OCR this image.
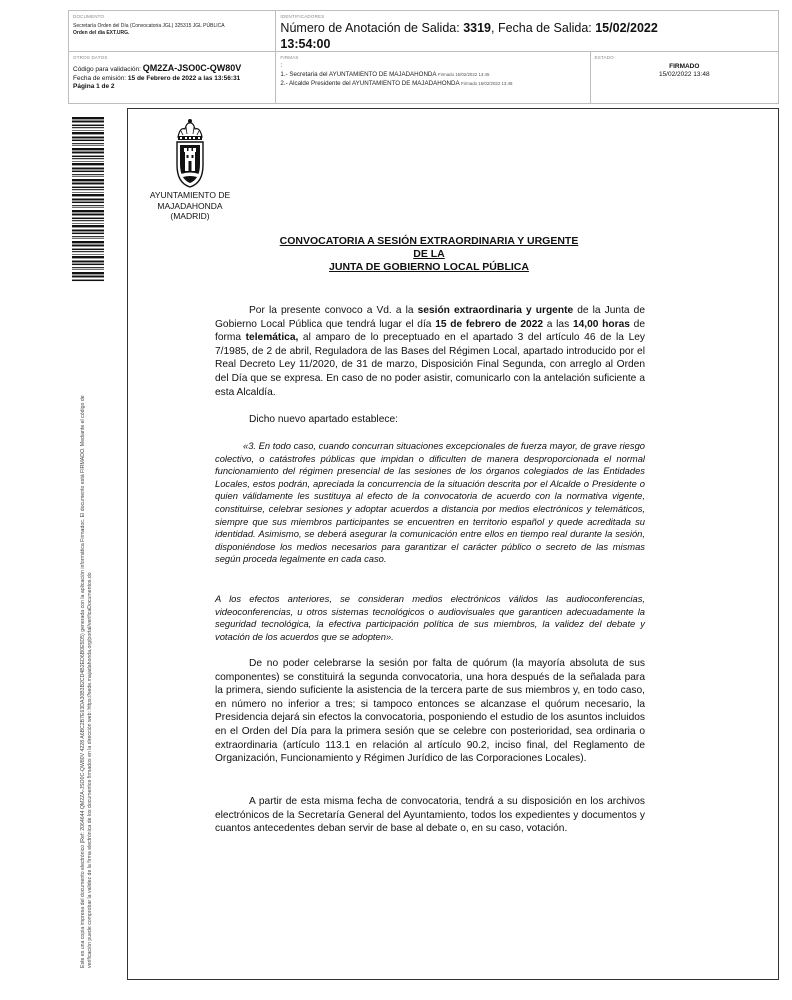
DOCUMENTO
Secretaría Orden del Día (Convocatoria JGL) 325315 JGL PÚBLICA
Orden del día EXT.URG.
IDENTIFICADORES
Número de Anotación de Salida: 3319, Fecha de Salida: 15/02/2022
13:54:00
OTROS DATOS
Código para validación: QM2ZA-JSO0C-QW80V
Fecha de emisión: 15 de Febrero de 2022 a las 13:56:31
Página 1 de 2
FIRMAS
:
1.- Secretaria del AYUNTAMIENTO DE MAJADAHONDA Firmado 15/02/2022 13:45
2.- Alcalde Presidente del AYUNTAMIENTO DE MAJADAHONDA Firmado 15/02/2022 13:48
ESTADO
FIRMADO
15/02/2022 13:48
Este es una copia impresa del documento electrónico (Ref: 2064644 QM2ZA-JSO0C-QW80V 4228 A6BC2B7E63DA30B3B2CD4B2ED6B0E5D5) generada con la aplicación informática Firmadoc. El documento está FIRMADO. Mediante el código de verificación puede comprobar la validez de la firma electrónica de los documentos firmados en la dirección web: https://sede.majadahonda.org/portal/verificaDocumentos.do
AYUNTAMIENTO DE
MAJADAHONDA
(MADRID)
CONVOCATORIA A SESIÓN EXTRAORDINARIA Y URGENTE
DE LA
JUNTA DE GOBIERNO LOCAL PÚBLICA
Por la presente convoco a Vd. a la sesión extraordinaria y urgente de la Junta de Gobierno Local Pública que tendrá lugar el día 15 de febrero de 2022 a las 14,00 horas de forma telemática, al amparo de lo preceptuado en el apartado 3 del artículo 46 de la Ley 7/1985, de 2 de abril, Reguladora de las Bases del Régimen Local, apartado introducido por el Real Decreto Ley 11/2020, de 31 de marzo, Disposición Final Segunda, con arreglo al Orden del Día que se expresa. En caso de no poder asistir, comunicarlo con la antelación suficiente a esta Alcaldía.
Dicho nuevo apartado establece:
«3. En todo caso, cuando concurran situaciones excepcionales de fuerza mayor, de grave riesgo colectivo, o catástrofes públicas que impidan o dificulten de manera desproporcionada el normal funcionamiento del régimen presencial de las sesiones de los órganos colegiados de las Entidades Locales, estos podrán, apreciada la concurrencia de la situación descrita por el Alcalde o Presidente o quien válidamente les sustituya al efecto de la convocatoria de acuerdo con la normativa vigente, constituirse, celebrar sesiones y adoptar acuerdos a distancia por medios electrónicos y telemáticos, siempre que sus miembros participantes se encuentren en territorio español y quede acreditada su identidad. Asimismo, se deberá asegurar la comunicación entre ellos en tiempo real durante la sesión, disponiéndose los medios necesarios para garantizar el carácter público o secreto de las mismas según proceda legalmente en cada caso.
A los efectos anteriores, se consideran medios electrónicos válidos las audioconferencias, videoconferencias, u otros sistemas tecnológicos o audiovisuales que garanticen adecuadamente la seguridad tecnológica, la efectiva participación política de sus miembros, la validez del debate y votación de los acuerdos que se adopten».
De no poder celebrarse la sesión por falta de quórum (la mayoría absoluta de sus componentes) se constituirá la segunda convocatoria, una hora después de la señalada para la primera, siendo suficiente la asistencia de la tercera parte de sus miembros y, en todo caso, en número no inferior a tres; si tampoco entonces se alcanzase el quórum necesario, la Presidencia dejará sin efectos la convocatoria, posponiendo el estudio de los asuntos incluidos en el Orden del Día para la primera sesión que se celebre con posterioridad, sea ordinaria o extraordinaria (artículo 113.1 en relación al artículo 90.2, inciso final, del Reglamento de Organización, Funcionamiento y Régimen Jurídico de las Corporaciones Locales).
A partir de esta misma fecha de convocatoria, tendrá a su disposición en los archivos electrónicos de la Secretaría General del Ayuntamiento, todos los expedientes y documentos y cuantos antecedentes deban servir de base al debate o, en su caso, votación.
